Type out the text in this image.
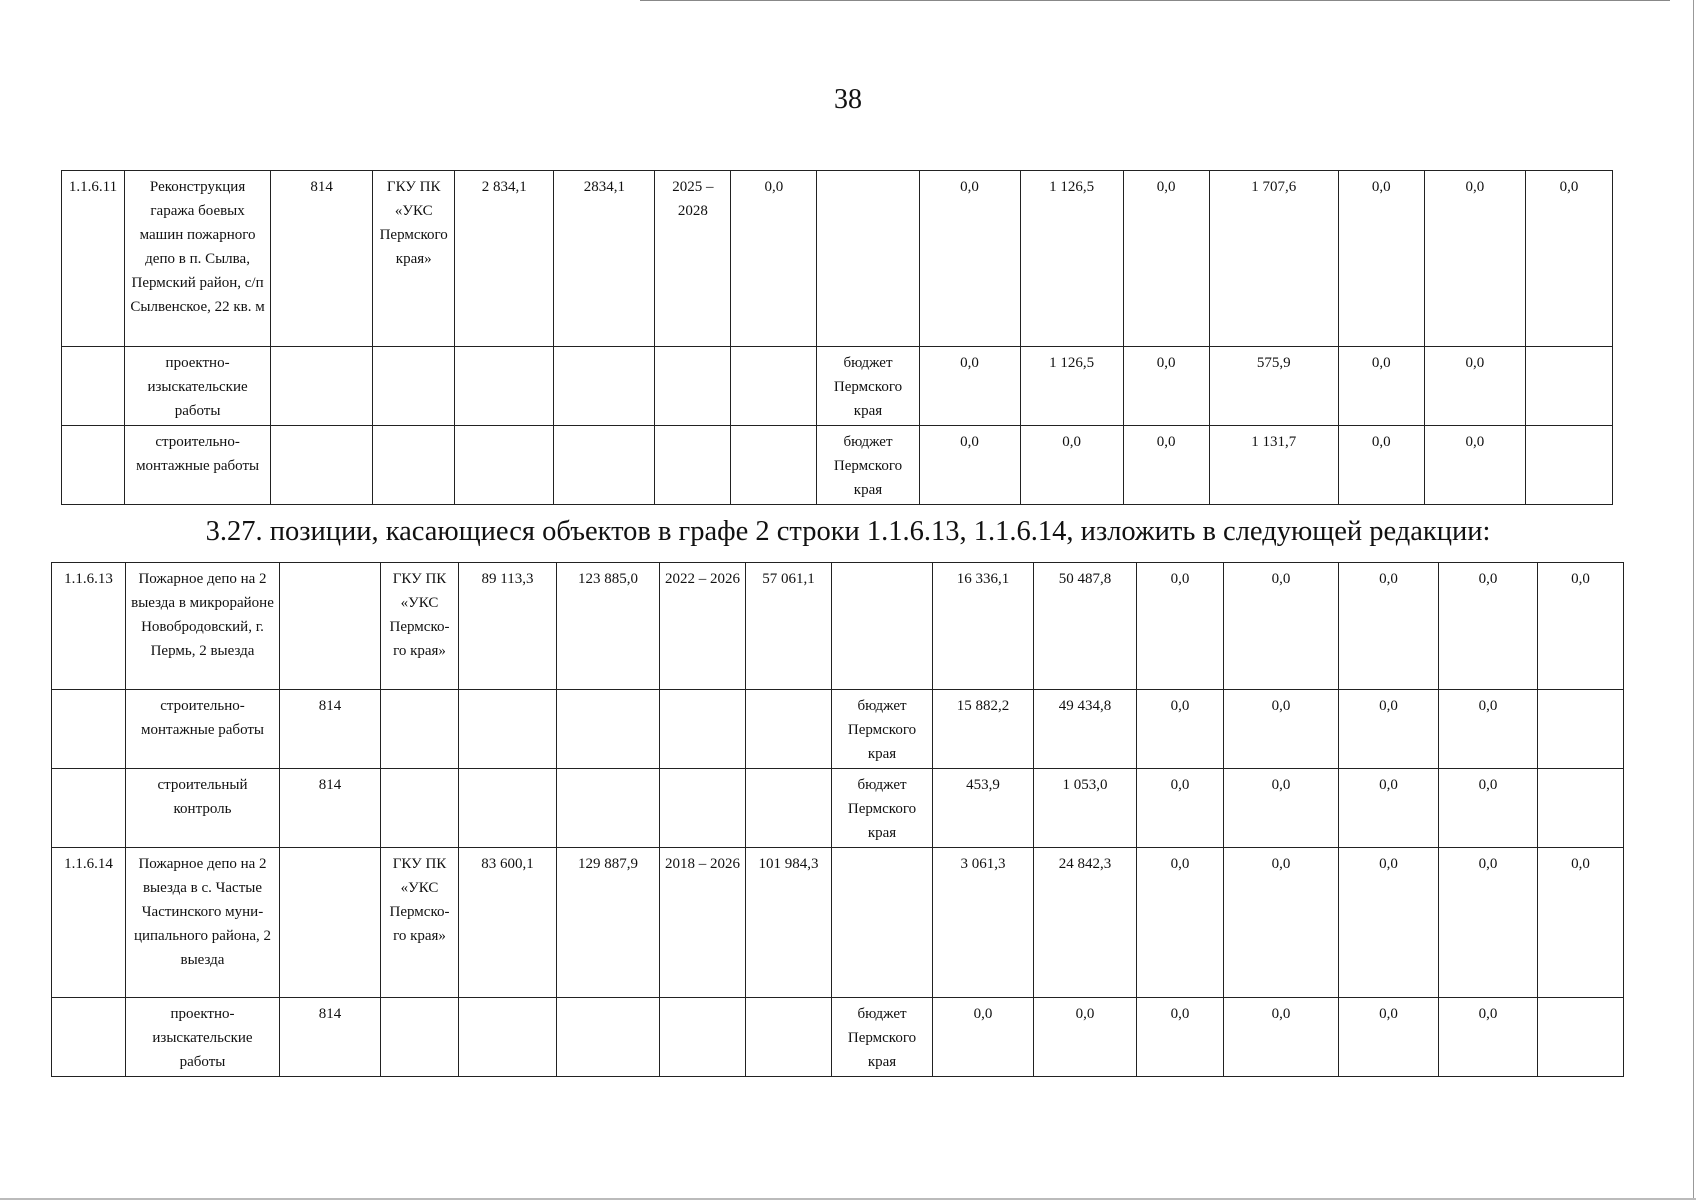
38
1.1.6.11	Реконструкция гаража боевых машин пожарного депо в п. Сылва, Пермский район, с/п Сылвенское, 22 кв. м	814	ГКУ ПК «УКС Пермского края»	2 834,1	2834,1	2025 – 2028	0,0		0,0	1 126,5	0,0	1 707,6	0,0	0,0	0,0
	проектно-изыскательские работы							бюджет Пермского края	0,0	1 126,5	0,0	575,9	0,0	0,0	
	строительно-монтажные работы							бюджет Пермского края	0,0	0,0	0,0	1 131,7	0,0	0,0	
3.27. позиции, касающиеся объектов в графе 2 строки 1.1.6.13, 1.1.6.14, изложить в следующей редакции:
1.1.6.13	Пожарное депо на 2 выезда в микрорайоне Новобродовский, г. Пермь, 2 выезда		ГКУ ПК «УКС Пермско-го края»	89 113,3	123 885,0	2022 – 2026	57 061,1		16 336,1	50 487,8	0,0	0,0	0,0	0,0	0,0
	строительно-монтажные работы	814						бюджет Пермского края	15 882,2	49 434,8	0,0	0,0	0,0	0,0	
	строительный контроль	814						бюджет Пермского края	453,9	1 053,0	0,0	0,0	0,0	0,0	
1.1.6.14	Пожарное депо на 2 выезда в с. Частые Частинского муни-ципального района, 2 выезда		ГКУ ПК «УКС Пермско-го края»	83 600,1	129 887,9	2018 – 2026	101 984,3		3 061,3	24 842,3	0,0	0,0	0,0	0,0	0,0
	проектно-изыскательские работы	814						бюджет Пермского края	0,0	0,0	0,0	0,0	0,0	0,0	
